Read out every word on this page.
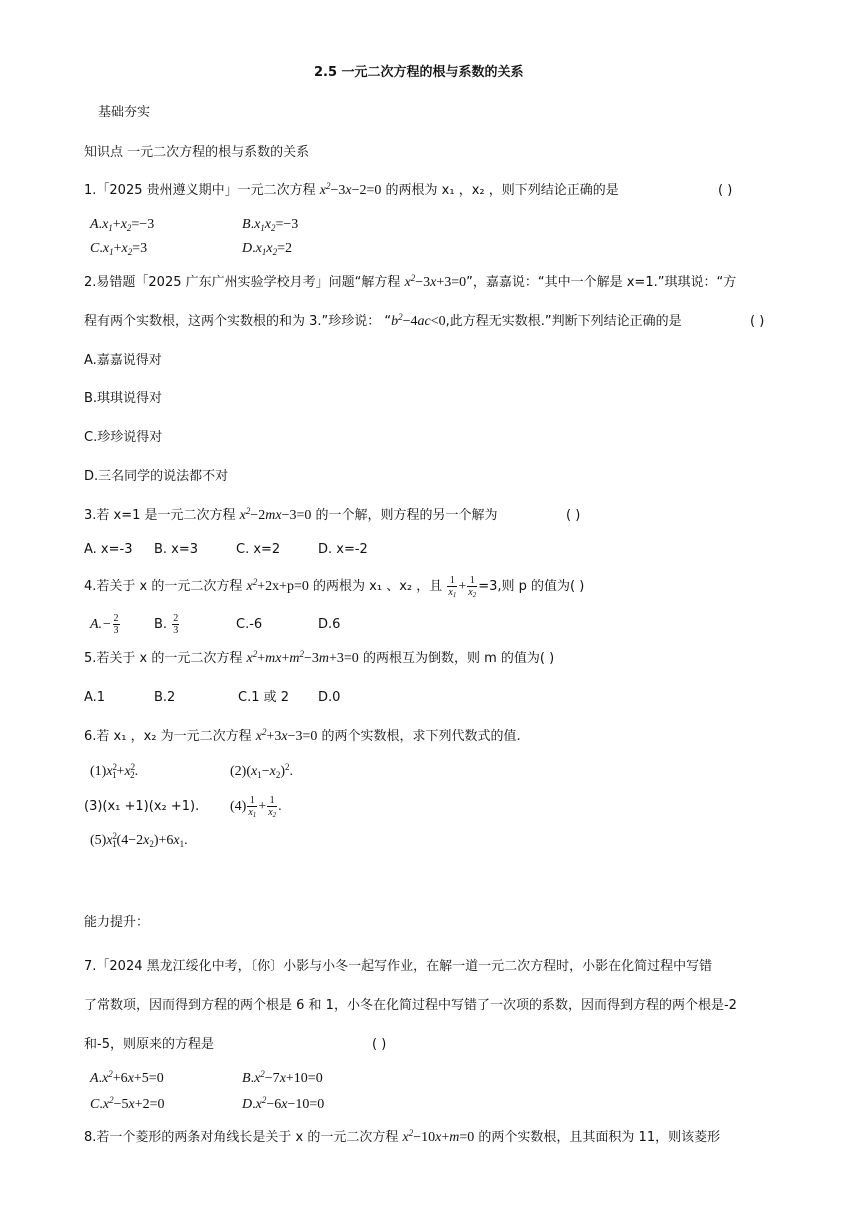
2.5 一元二次方程的根与系数的关系
基础夯实
知识点 一元二次方程的根与系数的关系
1.「2025 贵州遵义期中」一元二次方程 $x^2-3x-2=0$ 的两根为 x₁ ，x₂ ，则下列结论正确的是	( )
$A.x_1+x_2=-3$	$B.x_1x_2=-3$
$C.x_1+x_2=3$	$D.x_1x_2=2$
2.易错题「2025 广东广州实验学校月考」问题“解方程 $x^2-3x+3=0$”，嘉嘉说：“其中一个解是 x=1.”琪琪说：“方
程有两个实数根，这两个实数根的和为 3.”珍珍说： “$b^2-4ac<0$,此方程无实数根.”判断下列结论正确的是	( )
A.嘉嘉说得对
B.琪琪说得对
C.珍珍说得对
D.三名同学的说法都不对
3.若 x=1 是一元二次方程 $x^2-2mx-3=0$ 的一个解，则方程的另一个解为	( )
A. x=-3 B. x=3	C. x=2	D. x=-2
4.若关于 x 的一元二次方程 $x^2+2x+p=0$ 的两根为 x₁ 、x₂ ，且 $\frac{1}{x_1} + \frac{1}{x_2} =3$,则 p 的值为( )
$A.- \frac{2}{3}$	B. $\frac{2}{3}$	C.-6	D.6
5.若关于 x 的一元二次方程 $x^2+mx+m^2-3m+3=0$ 的两根互为倒数，则 m 的值为( )
A.1	B.2	C.1 或 2 D.0
6.若 x₁ ，x₂ 为一元二次方程 $x^2+3x-3=0$ 的两个实数根，求下列代数式的值.
$(1)x^2_1+x^2_2$.	$(2)(x_1-x_2)^2$.
(3)(x₁ +1)(x₂ +1). $(4) \frac{1}{x_1} + \frac{1}{x_2}$ .
$(5)x^2_1(4-2x_2)+6x_1$.
能力提升：
7.「2024 黑龙江绥化中考，〔你〕小影与小冬一起写作业，在解一道一元二次方程时，小影在化简过程中写错
了常数项，因而得到方程的两个根是 6 和 1，小冬在化简过程中写错了一次项的系数，因而得到方程的两个根是-2
和-5，则原来的方程是	( )
$A.x^2+6x+5=0$	$B.x^2-7x+10=0$
$C.x^2-5x+2=0$	$D.x^2-6x-10=0$
8.若一个菱形的两条对角线长是关于 x 的一元二次方程 $x^2-10x+m=0$ 的两个实数根，且其面积为 11，则该菱形
